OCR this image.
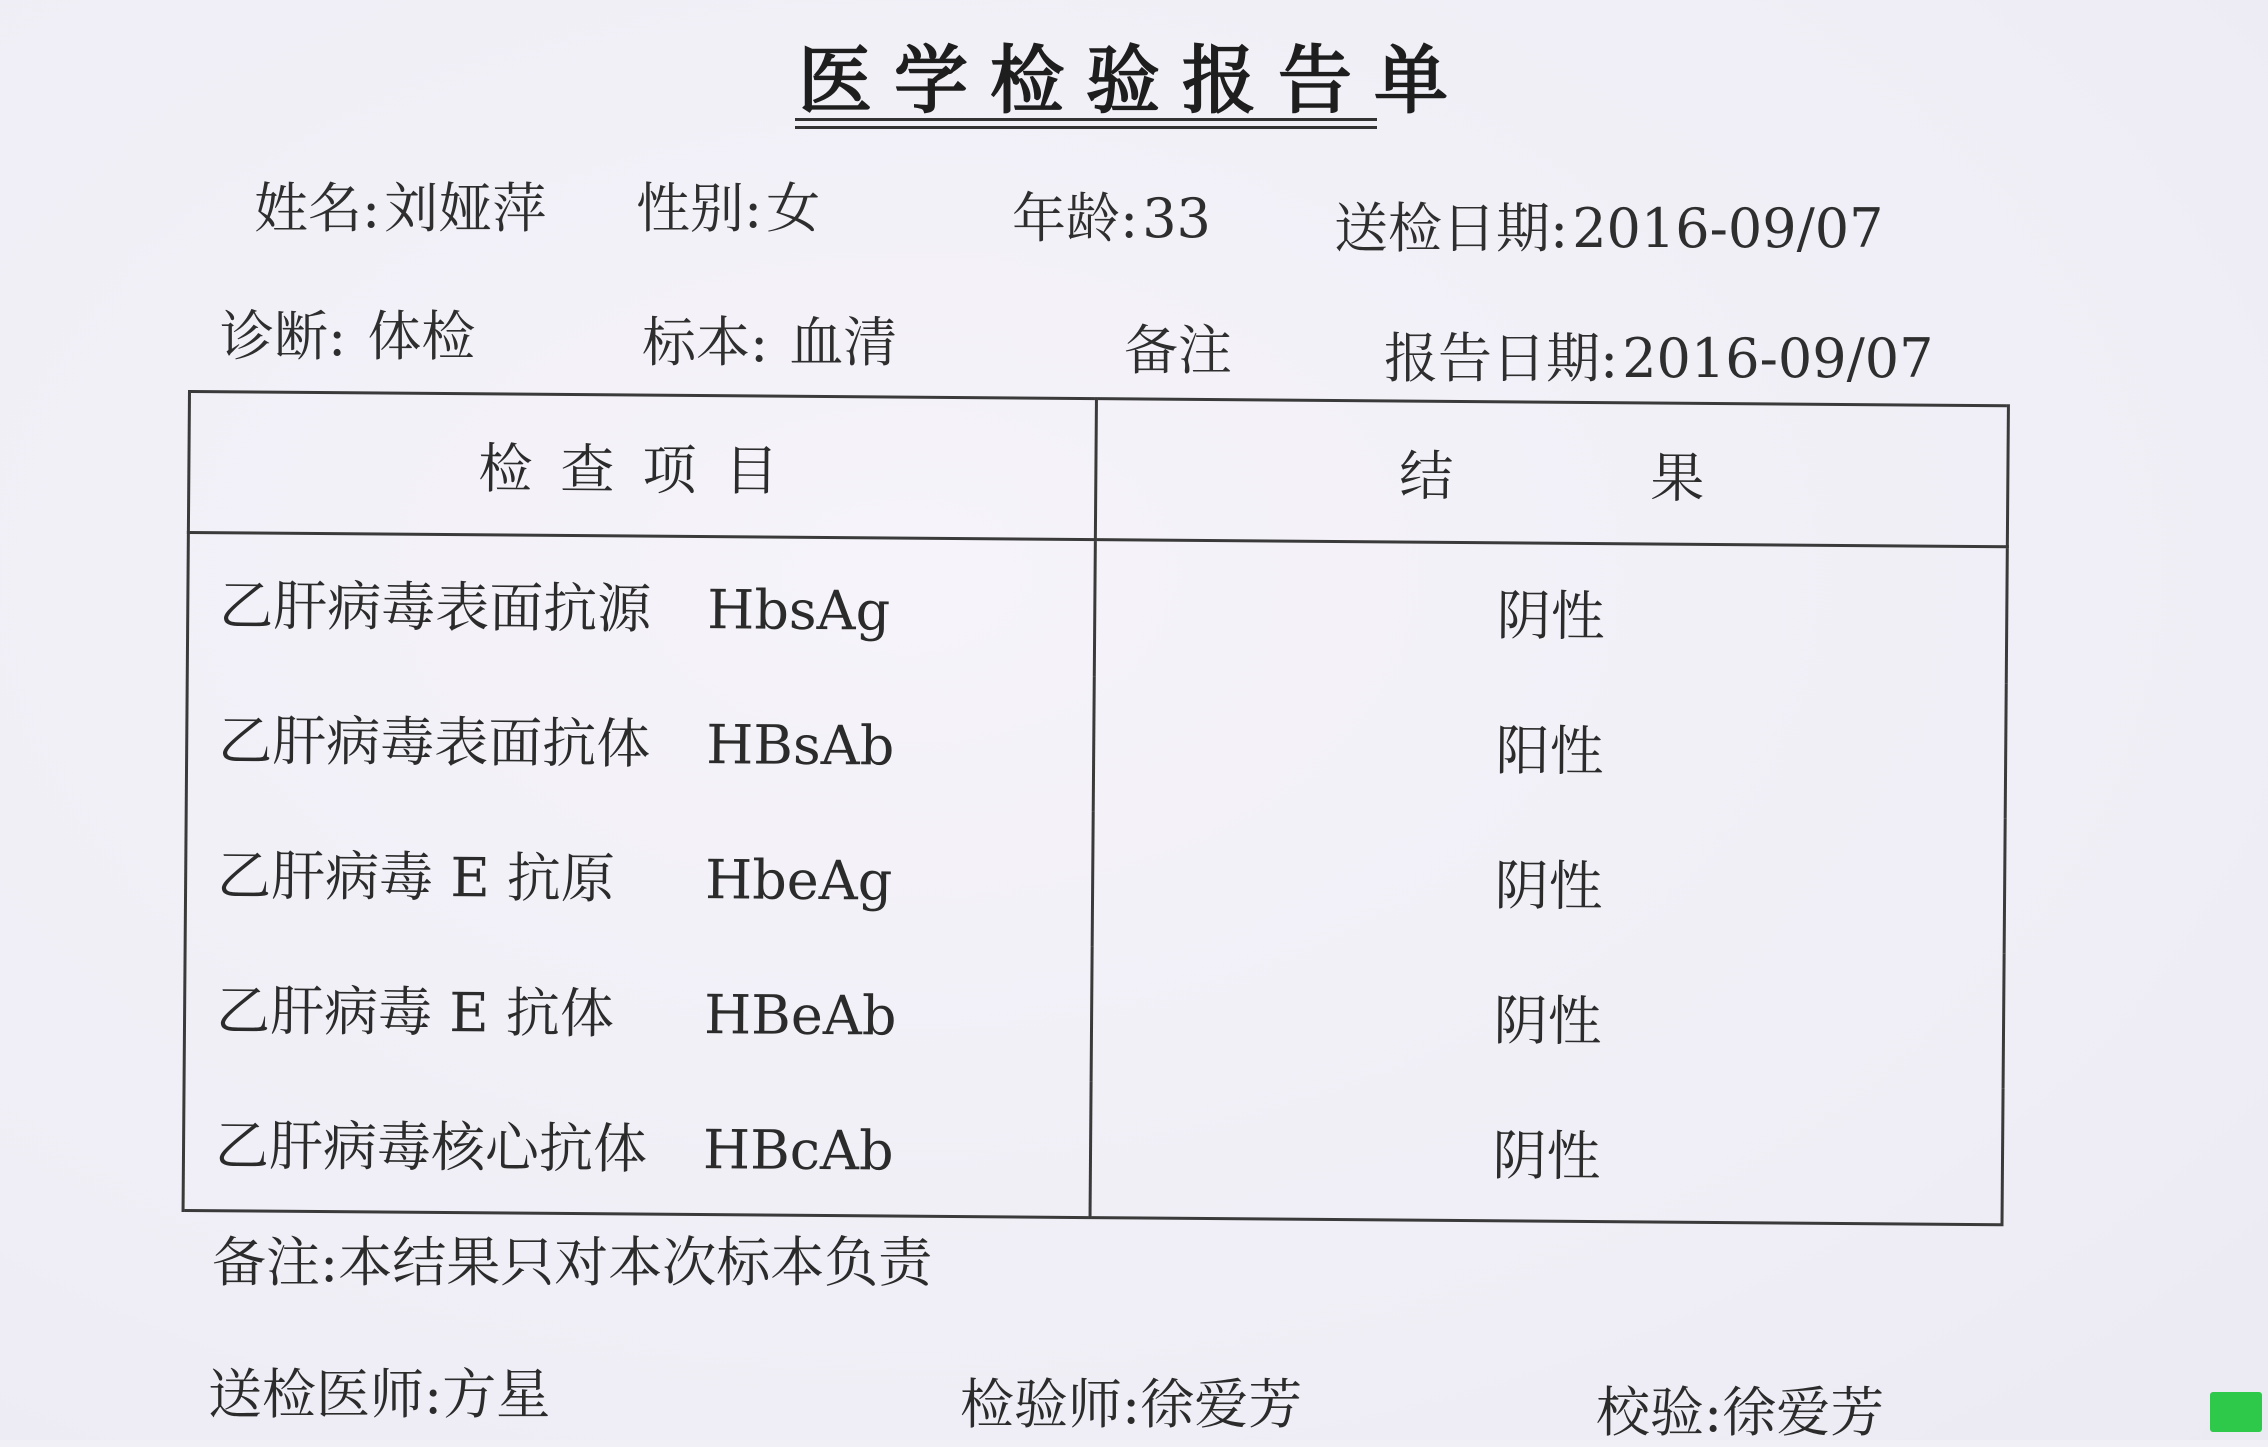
医学检验报告单
姓名:刘娅萍 性别:女	年龄:33 送检日期:2016-09/07
诊断: 体检	标本: 血清	备注	报告日期:2016-09/07
检查项目	结 果
乙肝病毒表面抗源 HbsAg	阴性
乙肝病毒表面抗体 HBsAb	阳性
乙肝病毒 E 抗原 HbeAg	阴性
乙肝病毒 E 抗体 HBeAb	阴性
乙肝病毒核心抗体 HBcAb	阴性
备注:本结果只对本次标本负责
送检医师:方星	检验师:徐爱芳	校验:徐爱芳
